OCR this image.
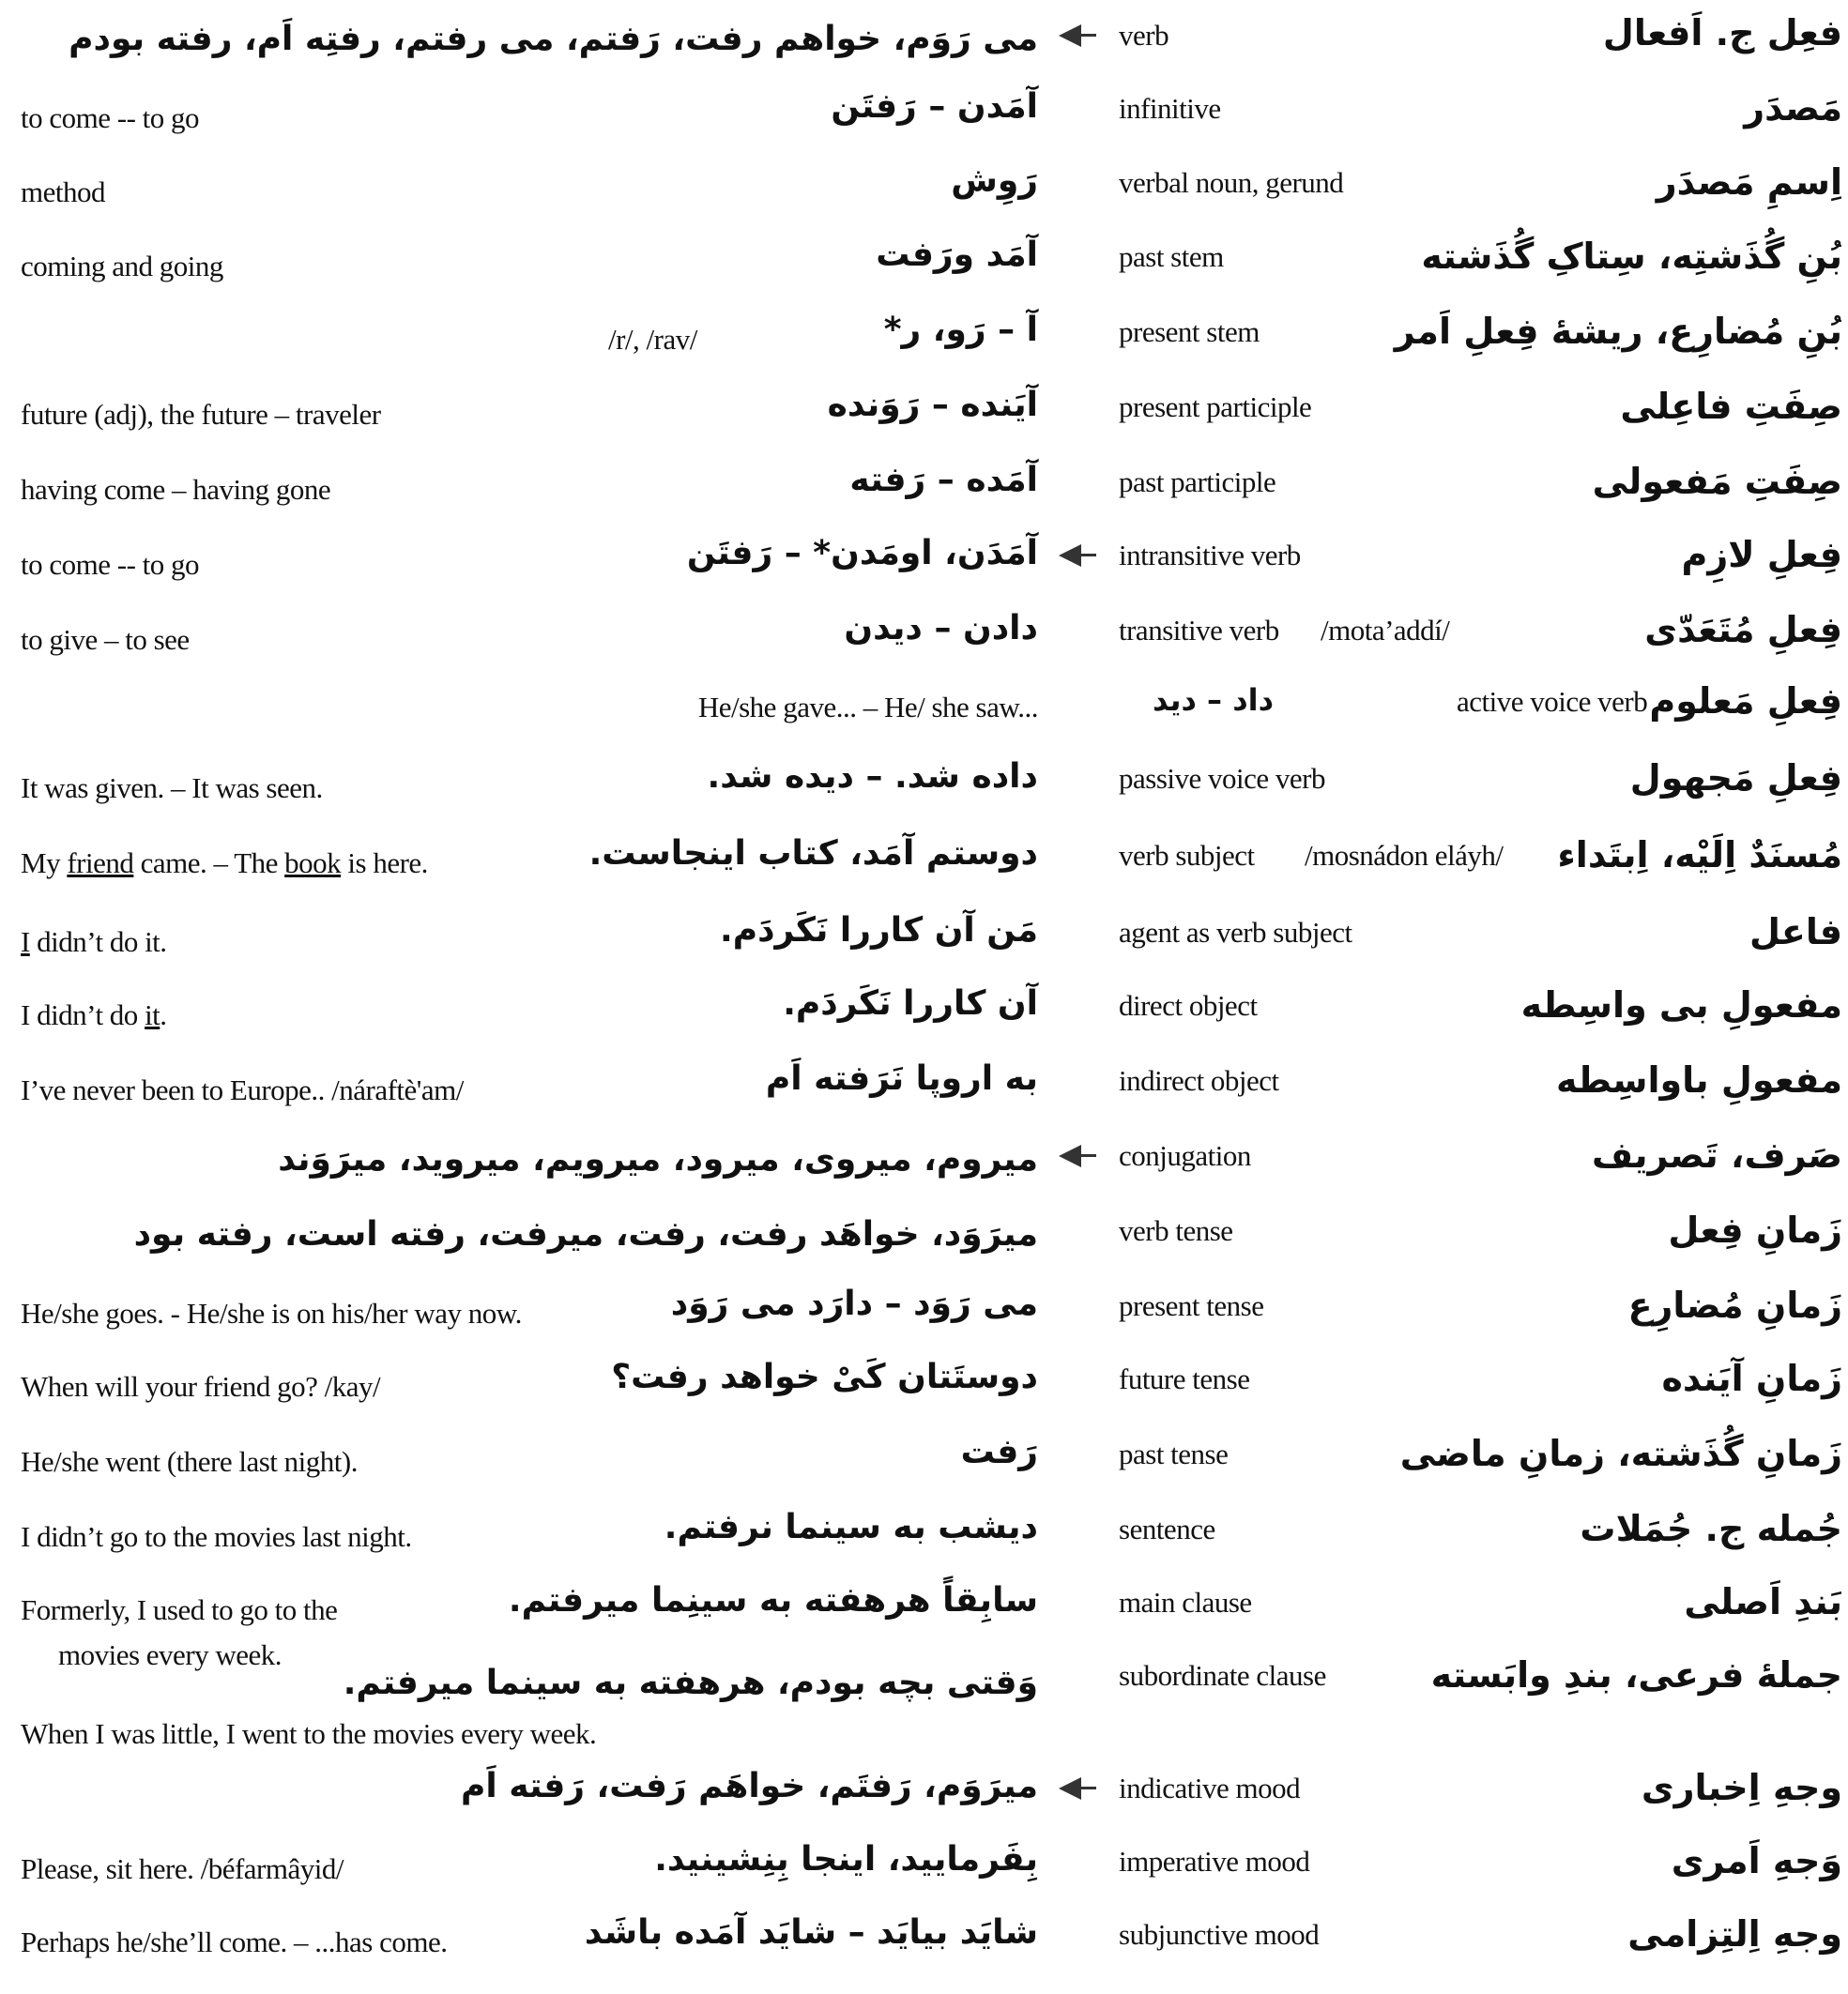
فعِل ج. اَفعال
verb
می رَوَم، خواهم رفت، رَفتم، می رفتم، رفتِه اَم، رفته بودم
مَصدَر
infinitive
آمَدن – رَفتَن
to come -- to go
اِسمِ مَصدَر
verbal noun, gerund
رَوِش
method
بُنِ گُذَشتِه، سِتاکِ گُذَشته
past stem
آمَد ورَفت
coming and going
بُنِ مُضارِع، ریشهٔ فِعلِ اَمر
present stem
آ – رَو، ر*
/r/, /rav/
صِفَتِ فاعِلی
present participle
آیَنده – رَوَنده
future (adj), the future – traveler
صِفَتِ مَفعولی
past participle
آمَده – رَفته
having come – having gone
فِعلِ لازِم
intransitive verb
آمَدَن، اومَدن* – رَفتَن
to come -- to go
فِعلِ مُتَعَدّی
transitive verb /mota’addí/
دادن – دیدن
to give – to see
فِعلِ مَعلوم
active voice verb
داد – دید
He/she gave... – He/ she saw...
فِعلِ مَجهول
passive voice verb
داده شد. – دیده شد.
It was given. – It was seen.
مُسنَدٌ اِلَیْه، اِبتَداء
verb subject /mosnádon eláyh/
دوستم آمَد، کتاب اینجاست.
My friend came. – The book is here.
فاعل
agent as verb subject
مَن آن کاررا نَکَردَم.
I didn’t do it.
مفعولِ بی واسِطه
direct object
آن کاررا نَکَردَم.
I didn’t do it.
مفعولِ باواسِطه
indirect object
به اروپا نَرَفته اَم
I’ve never been to Europe.. /náraftè'am/
صَرف، تَصریف
conjugation
میروم، میروی، میرود، میرویم، میروید، میرَوَند
زَمانِ فِعل
verb tense
میرَوَد، خواهَد رفت، رفت، میرفت، رفته است، رفته بود
زَمانِ مُضارِع
present tense
می رَوَد – دارَد می رَوَد
He/she goes. - He/she is on his/her way now.
زَمانِ آیَنده
future tense
دوستَتان کَیْ خواهد رفت؟
When will your friend go? /kay/
زَمانِ گُذَشته، زمانِ ماضی
past tense
رَفت
He/she went (there last night).
جُمله ج. جُمَلات
sentence
دیشب به سینما نرفتم.
I didn’t go to the movies last night.
بَندِ اَصلی
main clause
سابِقاً هرهفته به سینِما میرفتم.
Formerly, I used to go to the
جملهٔ فرعی، بندِ وابَسته
subordinate clause
وَقتی بچه بودم، هرهفته به سینما میرفتم.
movies every week.
When I was little, I went to the movies every week.
وجهِ اِخباری
indicative mood
میرَوَم، رَفتَم، خواهَم رَفت، رَفته اَم
وَجهِ اَمری
imperative mood
بِفَرمایید، اینجا بِنِشینید.
Please, sit here. /béfarmâyid/
وجهِ اِلتِزامی
subjunctive mood
شایَد بیایَد – شایَد آمَده باشَد
Perhaps he/she’ll come. – ...has come.
